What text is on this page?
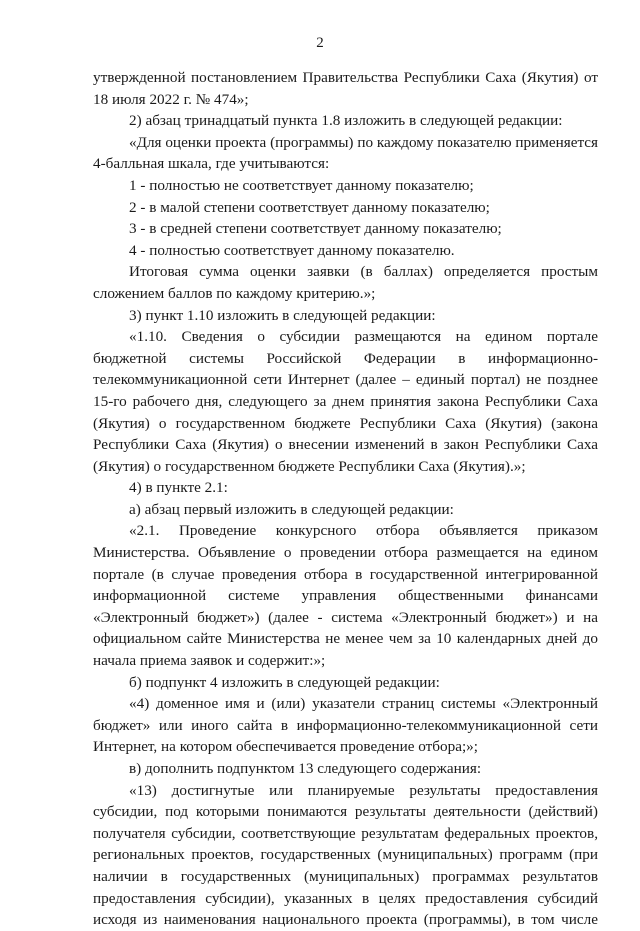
2

утвержденной постановлением Правительства Республики Саха (Якутия) от 18 июля 2022 г. № 474»;

2) абзац тринадцатый пункта 1.8 изложить в следующей редакции:

«Для оценки проекта (программы) по каждому показателю применяется 4-балльная шкала, где учитываются:

1 - полностью не соответствует данному показателю;

2 - в малой степени соответствует данному показателю;

3 - в средней степени соответствует данному показателю;

4 - полностью соответствует данному показателю.

Итоговая сумма оценки заявки (в баллах) определяется простым сложением баллов по каждому критерию.»;

3) пункт 1.10 изложить в следующей редакции:

«1.10. Сведения о субсидии размещаются на едином портале бюджетной системы Российской Федерации в информационно-телекоммуникационной сети Интернет (далее – единый портал) не позднее 15-го рабочего дня, следующего за днем принятия закона Республики Саха (Якутия) о государственном бюджете Республики Саха (Якутия) (закона Республики Саха (Якутия) о внесении изменений в закон Республики Саха (Якутия) о государственном бюджете Республики Саха (Якутия).»;

4) в пункте 2.1:

а) абзац первый изложить в следующей редакции:

«2.1. Проведение конкурсного отбора объявляется приказом Министерства. Объявление о проведении отбора размещается на едином портале (в случае проведения отбора в государственной интегрированной информационной системе управления общественными финансами «Электронный бюджет») (далее - система «Электронный бюджет») и на официальном сайте Министерства не менее чем за 10 календарных дней до начала приема заявок и содержит:»;

б) подпункт 4 изложить в следующей редакции:

«4) доменное имя и (или) указатели страниц системы «Электронный бюджет» или иного сайта в информационно-телекоммуникационной сети Интернет, на котором обеспечивается проведение отбора;»;

в) дополнить подпунктом 13 следующего содержания:

«13) достигнутые или планируемые результаты предоставления субсидии, под которыми понимаются результаты деятельности (действий) получателя субсидии, соответствующие результатам федеральных проектов, региональных проектов, государственных (муниципальных) программ (при наличии в государственных (муниципальных) программах результатов предоставления субсидии), указанных в целях предоставления субсидий исходя из наименования национального проекта (программы), в том числе
